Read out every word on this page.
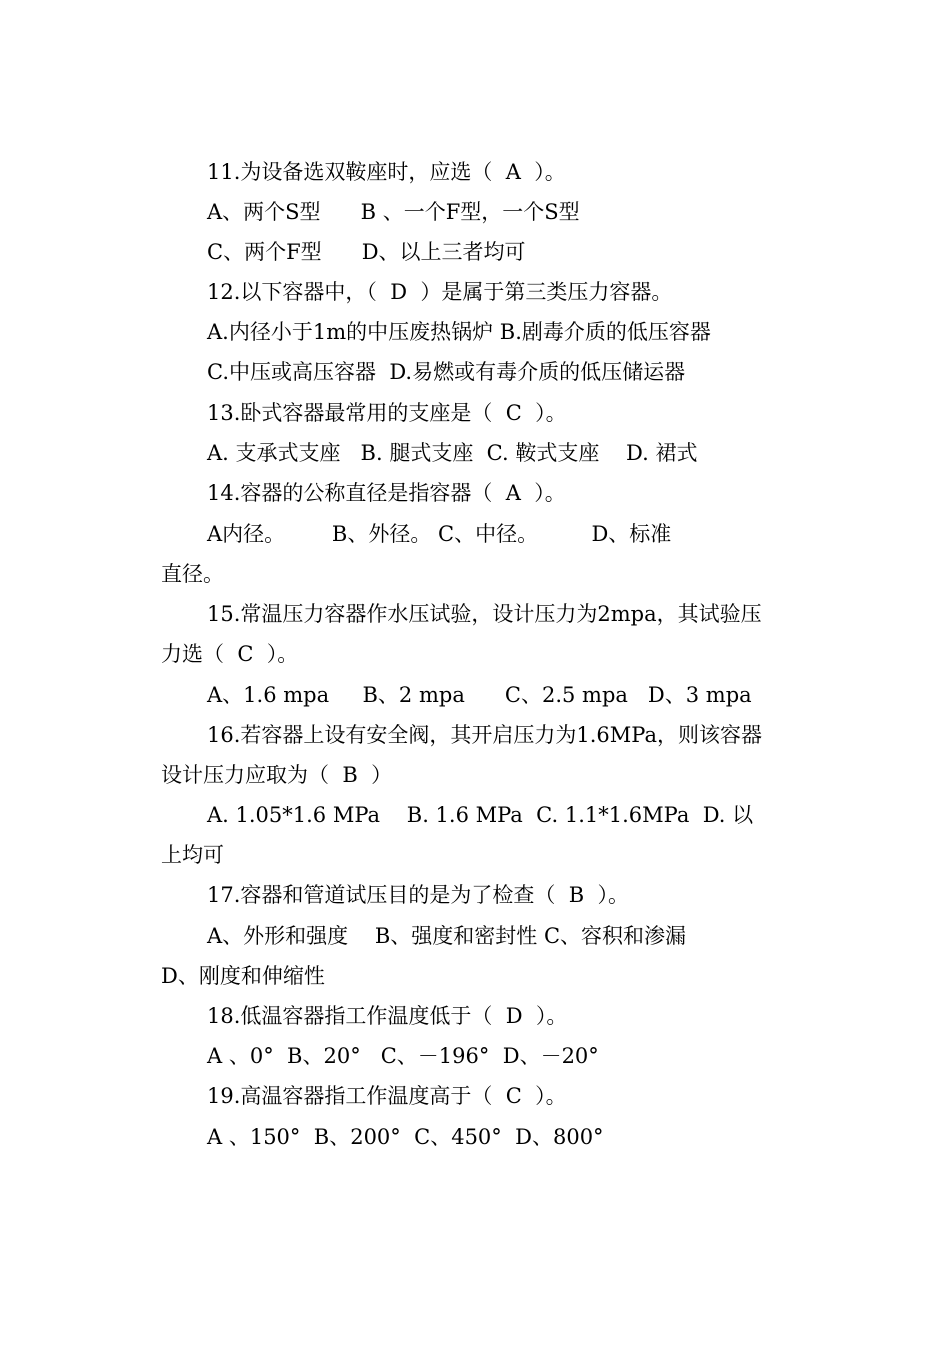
11.为设备选双鞍座时，应选（  A  ）。
A、两个S型      B 、一个F型，一个S型
C、两个F型      D、以上三者均可
12.以下容器中，（  D  ）是属于第三类压力容器。
A.内径小于1m的中压废热锅炉 B.剧毒介质的低压容器
C.中压或高压容器  D.易燃或有毒介质的低压储运器
13.卧式容器最常用的支座是（  C  ）。
A. 支承式支座   B. 腿式支座  C. 鞍式支座    D. 裙式
14.容器的公称直径是指容器（  A  ）。
A内径。       B、外径。 C、中径。        D、标准
直径。
15.常温压力容器作水压试验，设计压力为2mpa，其试验压
力选（  C  ）。
A、1.6 mpa     B、2 mpa      C、2.5 mpa   D、3 mpa
16.若容器上设有安全阀，其开启压力为1.6MPa，则该容器
设计压力应取为（  B  ）
A. 1.05*1.6 MPa    B. 1.6 MPa  C. 1.1*1.6MPa  D. 以
上均可
17.容器和管道试压目的是为了检查（  B  ）。
A、外形和强度    B、强度和密封性 C、容积和渗漏
D、刚度和伸缩性
18.低温容器指工作温度低于（  D  ）。
A 、0°  B、20°   C、－196°  D、－20°
19.高温容器指工作温度高于（  C  ）。
A 、150°  B、200°  C、450°  D、800°
